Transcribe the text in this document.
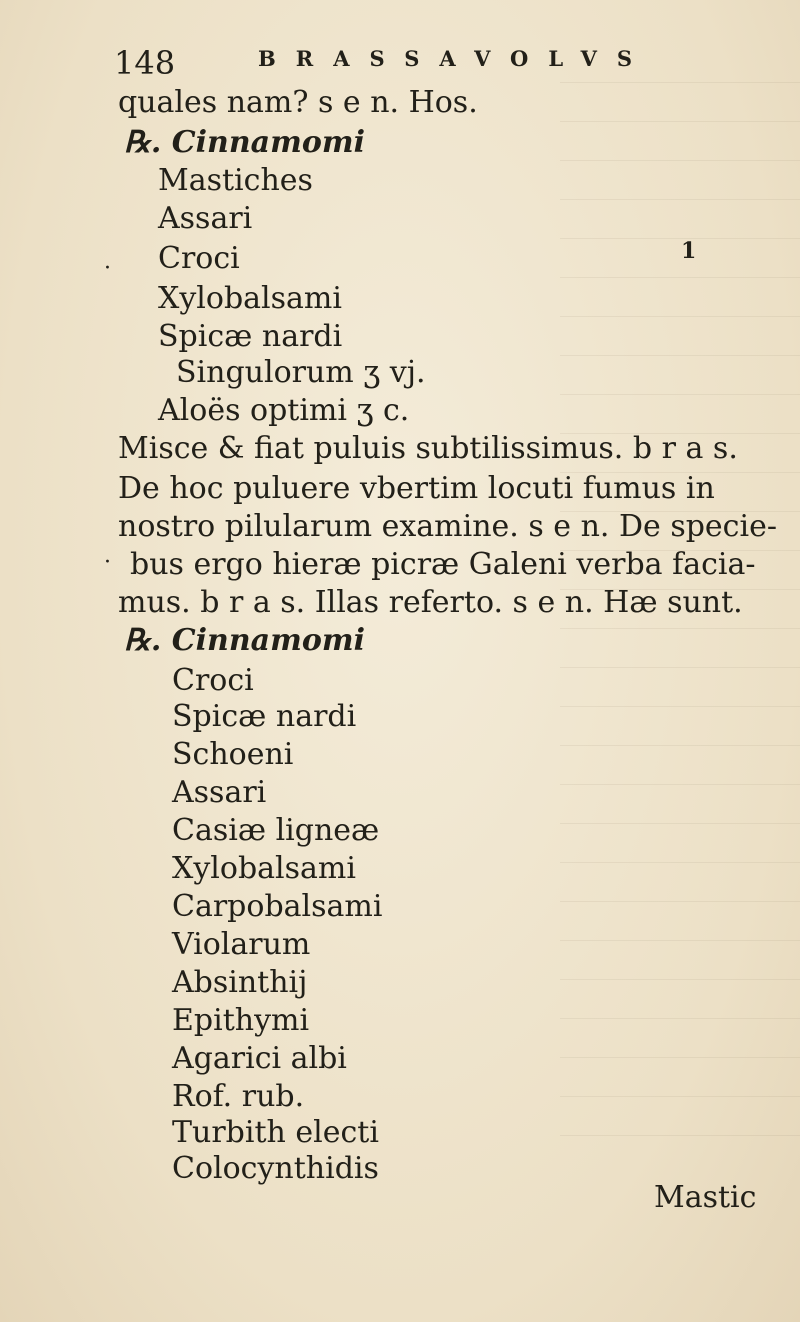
148	BRASSAVOLVS
quales nam? s e n. Hos.
℞. Cinnamomi
Mastiches
Assari
Croci
Xylobalsami
Spicæ nardi
Singulorum ʒ vj.
Aloës optimi ʒ c.
Misce & fiat puluis subtilissimus. b r a s.
De hoc puluere vbertim locuti fumus in
nostro pilularum examine. s e n. De specie-
bus ergo hieræ picræ Galeni verba facia-
mus. b r a s. Illas referto. s e n. Hæ sunt.
℞. Cinnamomi
Croci
Spicæ nardi
Schoeni
Assari
Casiæ ligneæ
Xylobalsami
Carpobalsami
Violarum
Absinthij
Epithymi
Agarici albi
Rof. rub.
Turbith electi
Colocynthidis
1
·
·
Mastic
